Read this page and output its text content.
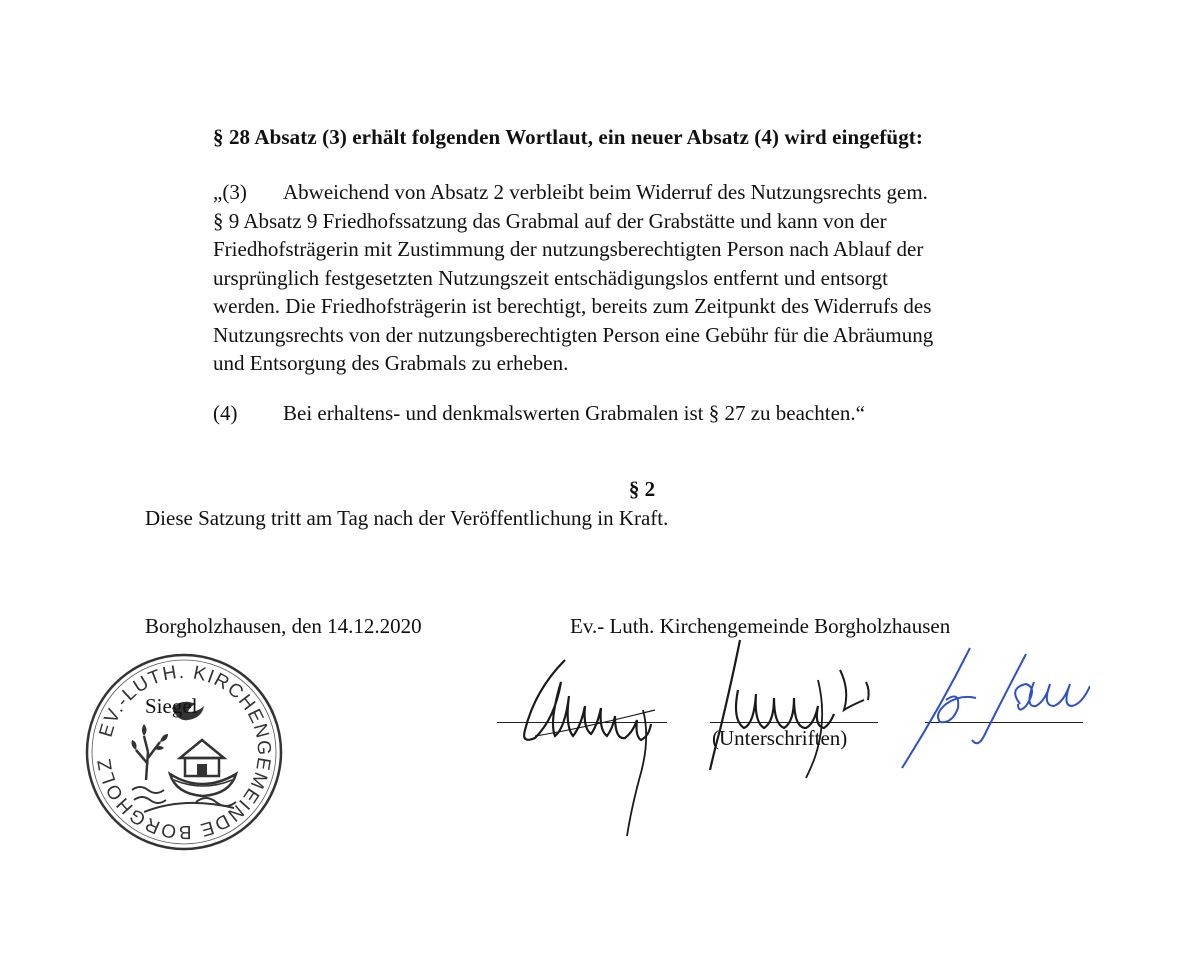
§ 28 Absatz (3) erhält folgenden Wortlaut, ein neuer Absatz (4) wird eingefügt:
„(3) Abweichend von Absatz 2 verbleibt beim Widerruf des Nutzungsrechts gem.
§ 9 Absatz 9 Friedhofssatzung das Grabmal auf der Grabstätte und kann von der
Friedhofsträgerin mit Zustimmung der nutzungsberechtigten Person nach Ablauf der
ursprünglich festgesetzten Nutzungszeit entschädigungslos entfernt und entsorgt
werden. Die Friedhofsträgerin ist berechtigt, bereits zum Zeitpunkt des Widerrufs des
Nutzungsrechts von der nutzungsberechtigten Person eine Gebühr für die Abräumung
und Entsorgung des Grabmals zu erheben.
(4) Bei erhaltens- und denkmalswerten Grabmalen ist § 27 zu beachten.“
§ 2
Diese Satzung tritt am Tag nach der Veröffentlichung in Kraft.
Borgholzhausen, den 14.12.2020	Ev.- Luth. Kirchengemeinde Borgholzhausen
EV.-LUTH. KIRCHENGEMEINDE BORGHOLZ
Siegel
(Unterschriften)
